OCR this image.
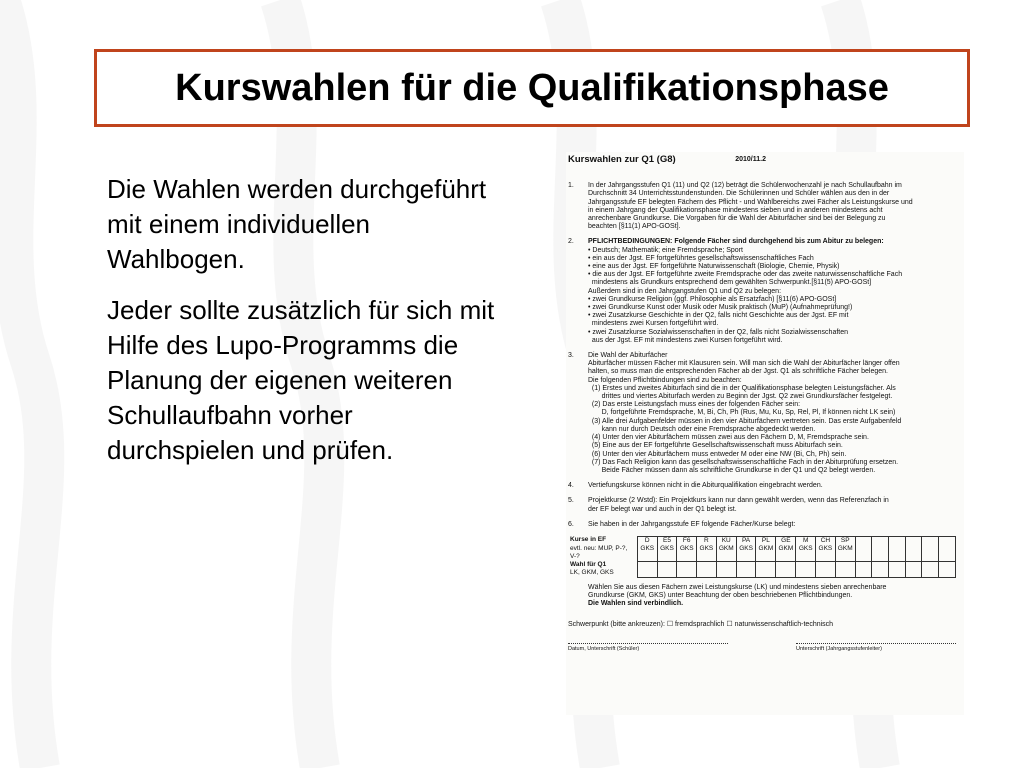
Kurswahlen für die Qualifikationsphase

Die Wahlen werden durchgeführt mit einem individuellen Wahlbogen.

Jeder sollte zusätzlich für sich mit Hilfe des Lupo-Programms die Planung der eigenen weiteren Schullaufbahn vorher durchspielen und prüfen.

Kurswahlen zur Q1 (G8)	2010/11.2
1.	In der Jahrgangsstufen Q1 (11) und Q2 (12) beträgt die Schülerwochenzahl je nach Schullaufbahn im
Durchschnitt 34 Unterrichtsstundenstunden. Die Schülerinnen und Schüler wählen aus den in der
Jahrgangsstufe EF belegten Fächern des Pflicht - und Wahlbereichs zwei Fächer als Leistungskurse und
in einem Jahrgang der Qualifikationsphase mindestens sieben und in anderen mindestens acht
anrechenbare Grundkurse. Die Vorgaben für die Wahl der Abiturfächer sind bei der Belegung zu
beachten [§11(1) APO-GOSt].
2.	PFLICHTBEDINGUNGEN: Folgende Fächer sind durchgehend bis zum Abitur zu belegen:
• Deutsch; Mathematik; eine Fremdsprache; Sport
• ein aus der Jgst. EF fortgeführtes gesellschaftswissenschaftliches Fach
• eine aus der Jgst. EF fortgeführte Naturwissenschaft (Biologie, Chemie, Physik)
• die aus der Jgst. EF fortgeführte zweite Fremdsprache oder das zweite naturwissenschaftliche Fach
mindestens als Grundkurs entsprechend dem gewählten Schwerpunkt.[§11(5) APO-GOSt]
Außerdem sind in den Jahrgangstufen Q1 und Q2 zu belegen:
• zwei Grundkurse Religion (ggf. Philosophie als Ersatzfach) [§11(6) APO-GOSt]
• zwei Grundkurse Kunst oder Musik oder Musik praktisch (MuP) (Aufnahmeprüfung!)
• zwei Zusatzkurse Geschichte in der Q2, falls nicht Geschichte aus der Jgst. EF mit
mindestens zwei Kursen fortgeführt wird.
• zwei Zusatzkurse Sozialwissenschaften in der Q2, falls nicht Sozialwissenschaften
aus der Jgst. EF mit mindestens zwei Kursen fortgeführt wird.
3.	Die Wahl der Abiturfächer
Abiturfächer müssen Fächer mit Klausuren sein. Will man sich die Wahl der Abiturfächer länger offen
halten, so muss man die entsprechenden Fächer ab der Jgst. Q1 als schriftliche Fächer belegen.
Die folgenden Pflichtbindungen sind zu beachten:
(1) Erstes und zweites Abiturfach sind die in der Qualifikationsphase belegten Leistungsfächer. Als
drittes und viertes Abiturfach werden zu Beginn der Jgst. Q2 zwei Grundkursfächer festgelegt.
(2) Das erste Leistungsfach muss eines der folgenden Fächer sein:
D, fortgeführte Fremdsprache, M, Bi, Ch, Ph (Rus, Mu, Ku, Sp, Rel, Pl, If können nicht LK sein)
(3) Alle drei Aufgabenfelder müssen in den vier Abiturfächern vertreten sein. Das erste Aufgabenfeld
kann nur durch Deutsch oder eine Fremdsprache abgedeckt werden.
(4) Unter den vier Abiturfächern müssen zwei aus den Fächern D, M, Fremdsprache sein.
(5) Eine aus der EF fortgeführte Gesellschaftswissenschaft muss Abiturfach sein.
(6) Unter den vier Abiturfächern muss entweder M oder eine NW (Bi, Ch, Ph) sein.
(7) Das Fach Religion kann das gesellschaftswissenschaftliche Fach in der Abiturprüfung ersetzen.
Beide Fächer müssen dann als schriftliche Grundkurse in der Q1 und Q2 belegt werden.
4.	Vertiefungskurse können nicht in die Abiturqualifikation eingebracht werden.
5.	Projektkurse (2 Wstd): Ein Projektkurs kann nur dann gewählt werden, wenn das Referenzfach in
der EF belegt war und auch in der Q1 belegt ist.
6.	Sie haben in der Jahrgangsstufe EF folgende Fächer/Kurse belegt:
Kurse in EF
evtl. neu: MUP, P-?, V-?	D GKS	E5 GKS	F6 GKS	R GKS	KU GKM	PA GKS	PL GKM	GE GKM	M GKS	CH GKS	SP GKM						
Wahl für Q1
LK, GKM, GKS																	
Wählen Sie aus diesen Fächern zwei Leistungskurse (LK) und mindestens sieben anrechenbare
Grundkurse (GKM, GKS) unter Beachtung der oben beschriebenen Pflichtbindungen.
Die Wahlen sind verbindlich.
Schwerpunkt (bitte ankreuzen): ☐ fremdsprachlich ☐ naturwissenschaftlich-technisch
Datum, Unterschrift (Schüler)	Unterschrift (Jahrgangsstufenleiter)
